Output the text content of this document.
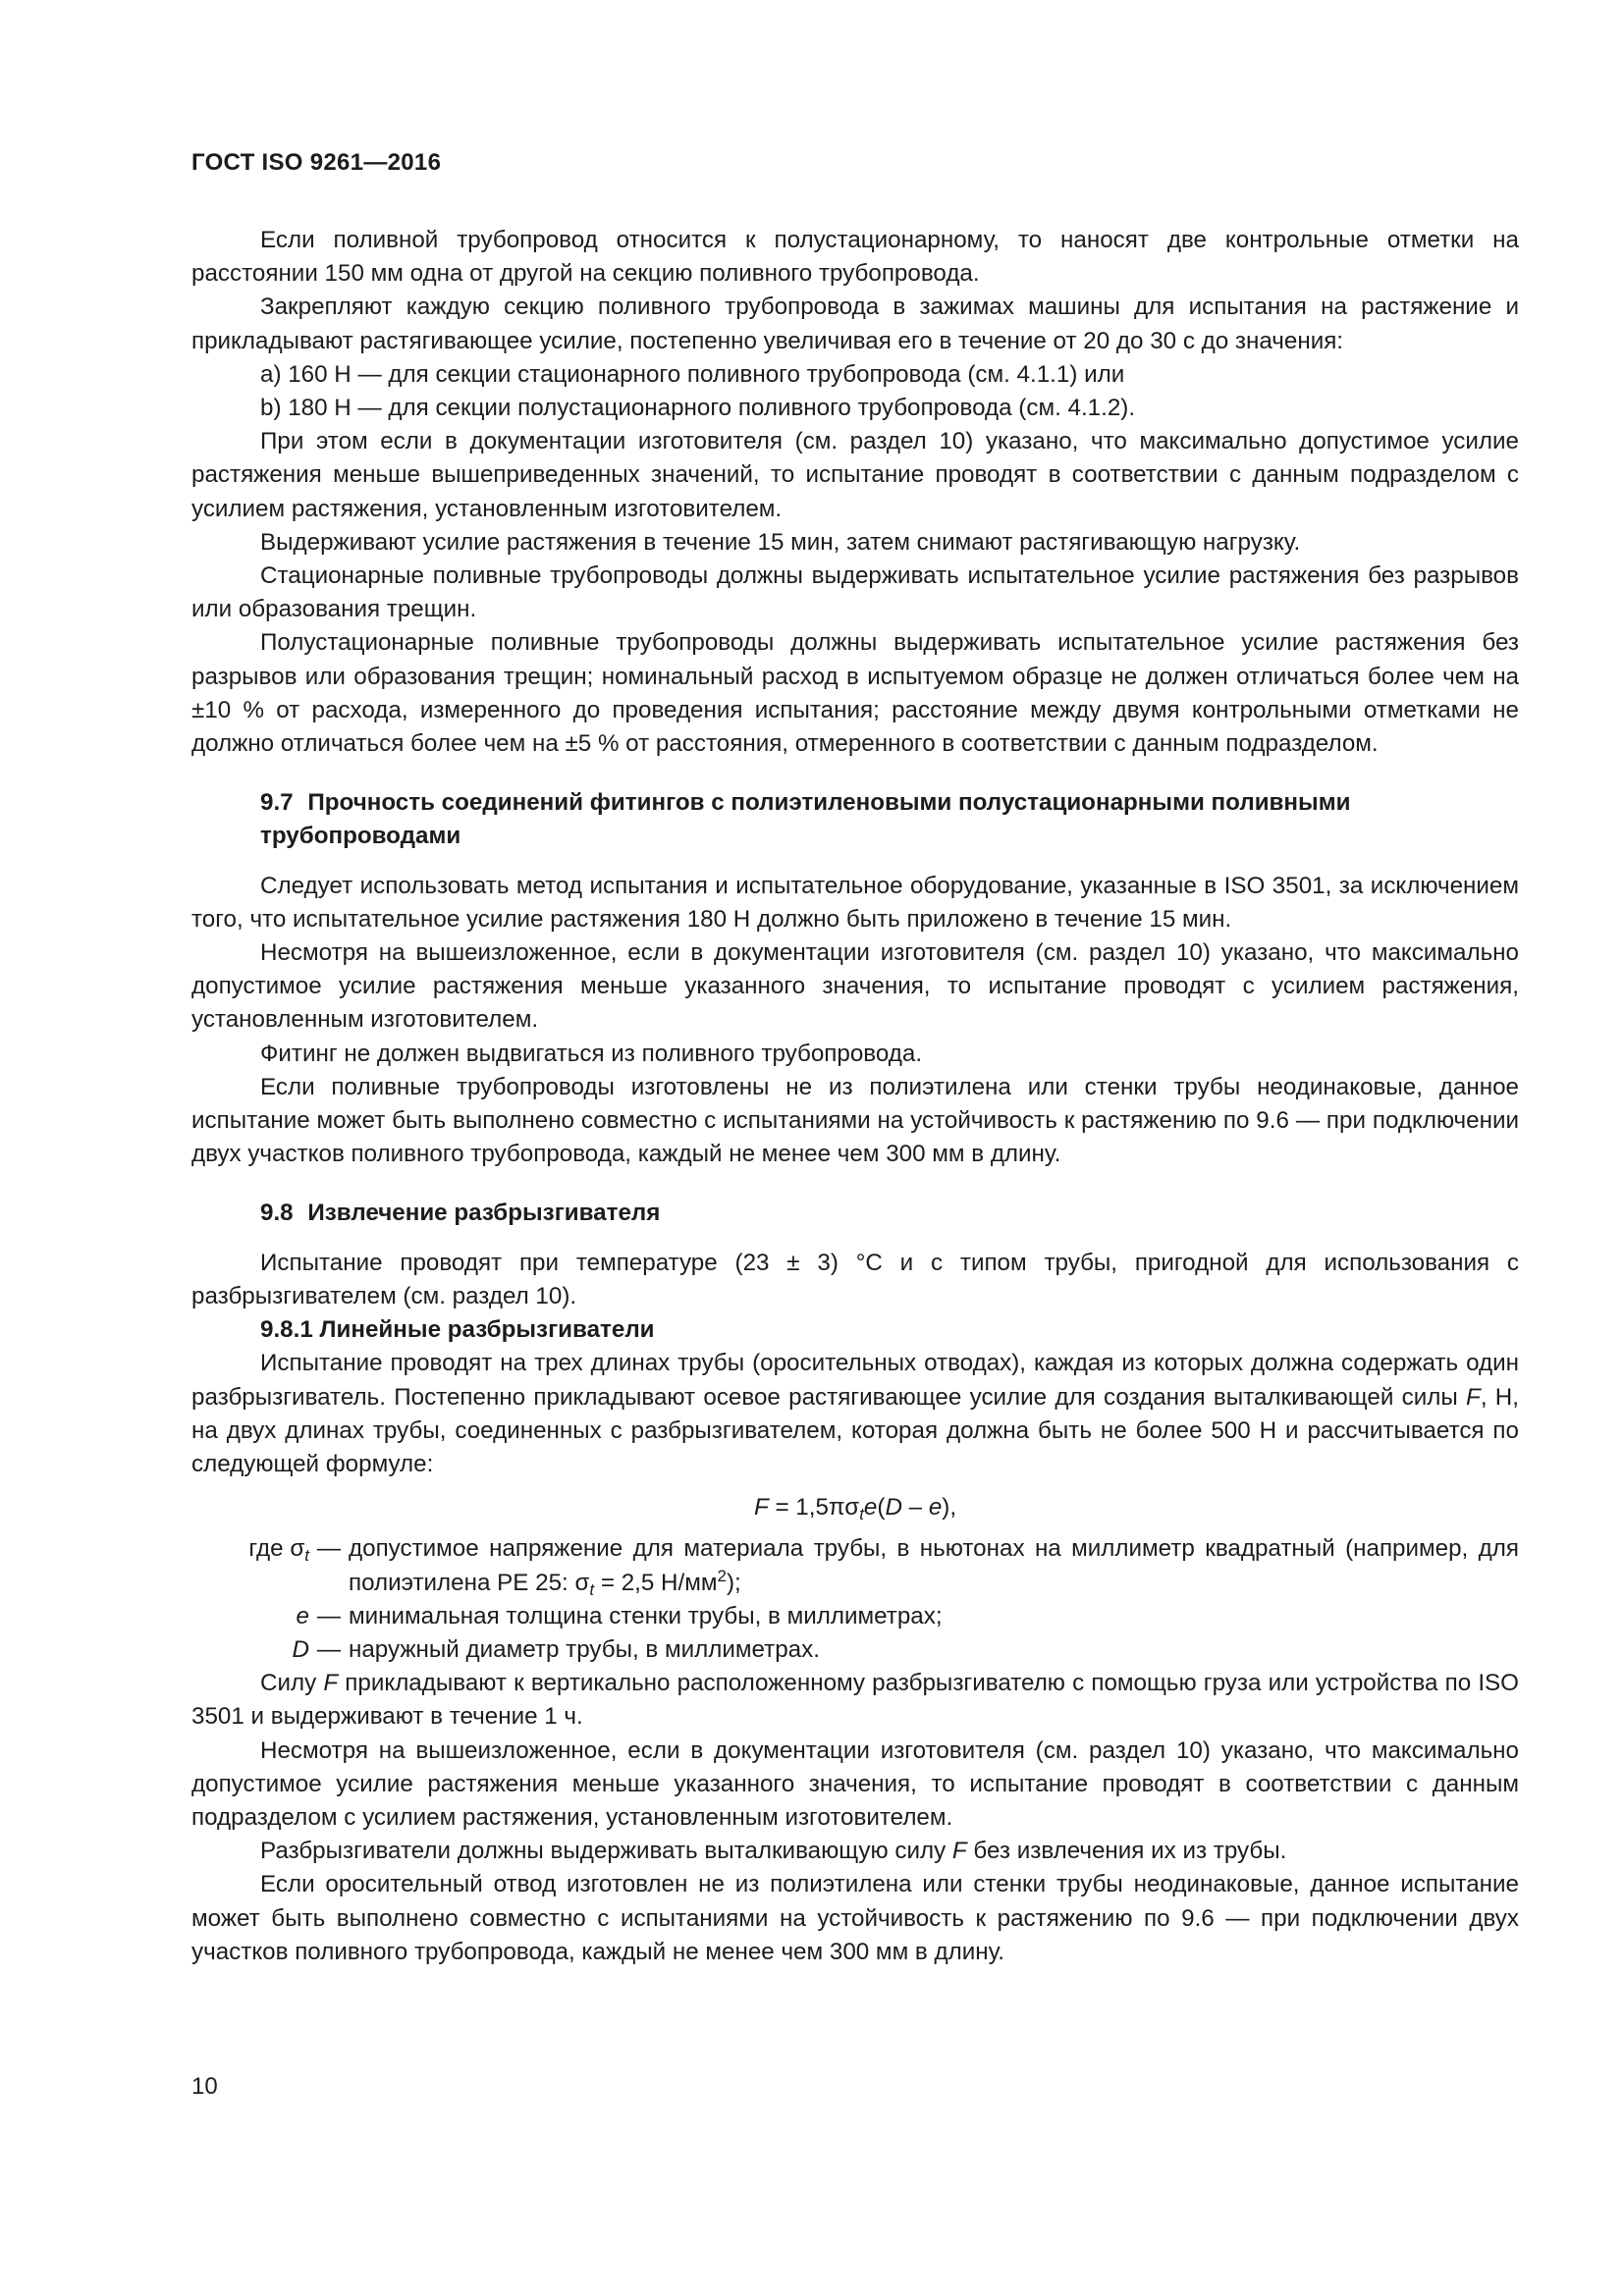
ГОСТ ISO 9261—2016

Если поливной трубопровод относится к полустационарному, то наносят две контрольные отметки на расстоянии 150 мм одна от другой на секцию поливного трубопровода.

Закрепляют каждую секцию поливного трубопровода в зажимах машины для испытания на растяжение и прикладывают растягивающее усилие, постепенно увеличивая его в течение от 20 до 30 с до значения:

a) 160 Н — для секции стационарного поливного трубопровода (см. 4.1.1) или

b) 180 Н — для секции полустационарного поливного трубопровода (см. 4.1.2).

При этом если в документации изготовителя (см. раздел 10) указано, что максимально допустимое усилие растяжения меньше вышеприведенных значений, то испытание проводят в соответствии с данным подразделом с усилием растяжения, установленным изготовителем.

Выдерживают усилие растяжения в течение 15 мин, затем снимают растягивающую нагрузку.

Стационарные поливные трубопроводы должны выдерживать испытательное усилие растяжения без разрывов или образования трещин.

Полустационарные поливные трубопроводы должны выдерживать испытательное усилие растяжения без разрывов или образования трещин; номинальный расход в испытуемом образце не должен отличаться более чем на ±10 % от расхода, измеренного до проведения испытания; расстояние между двумя контрольными отметками не должно отличаться более чем на ±5 % от расстояния, отмеренного в соответствии с данным подразделом.

9.7 Прочность соединений фитингов с полиэтиленовыми полустационарными поливными трубопроводами

Следует использовать метод испытания и испытательное оборудование, указанные в ISO 3501, за исключением того, что испытательное усилие растяжения 180 Н должно быть приложено в течение 15 мин.

Несмотря на вышеизложенное, если в документации изготовителя (см. раздел 10) указано, что максимально допустимое усилие растяжения меньше указанного значения, то испытание проводят с усилием растяжения, установленным изготовителем.

Фитинг не должен выдвигаться из поливного трубопровода.

Если поливные трубопроводы изготовлены не из полиэтилена или стенки трубы неодинаковые, данное испытание может быть выполнено совместно с испытаниями на устойчивость к растяжению по 9.6 — при подключении двух участков поливного трубопровода, каждый не менее чем 300 мм в длину.

9.8 Извлечение разбрызгивателя

Испытание проводят при температуре (23 ± 3) °С и с типом трубы, пригодной для использования с разбрызгивателем (см. раздел 10).

9.8.1 Линейные разбрызгиватели

Испытание проводят на трех длинах трубы (оросительных отводах), каждая из которых должна содержать один разбрызгиватель. Постепенно прикладывают осевое растягивающее усилие для создания выталкивающей силы F, Н, на двух длинах трубы, соединенных с разбрызгивателем, которая должна быть не более 500 Н и рассчитывается по следующей формуле:

$F = 1,5\pi\sigma_te(D - e)$,

где $\sigma_t$ — допустимое напряжение для материала трубы, в ньютонах на миллиметр квадратный (например, для полиэтилена РЕ 25: $\sigma_t = 2,5$ $Н/мм^2$);
e — минимальная толщина стенки трубы, в миллиметрах;
D — наружный диаметр трубы, в миллиметрах.

Силу F прикладывают к вертикально расположенному разбрызгивателю с помощью груза или устройства по ISO 3501 и выдерживают в течение 1 ч.

Несмотря на вышеизложенное, если в документации изготовителя (см. раздел 10) указано, что максимально допустимое усилие растяжения меньше указанного значения, то испытание проводят в соответствии с данным подразделом с усилием растяжения, установленным изготовителем.

Разбрызгиватели должны выдерживать выталкивающую силу F без извлечения их из трубы.

Если оросительный отвод изготовлен не из полиэтилена или стенки трубы неодинаковые, данное испытание может быть выполнено совместно с испытаниями на устойчивость к растяжению по 9.6 — при подключении двух участков поливного трубопровода, каждый не менее чем 300 мм в длину.

10
